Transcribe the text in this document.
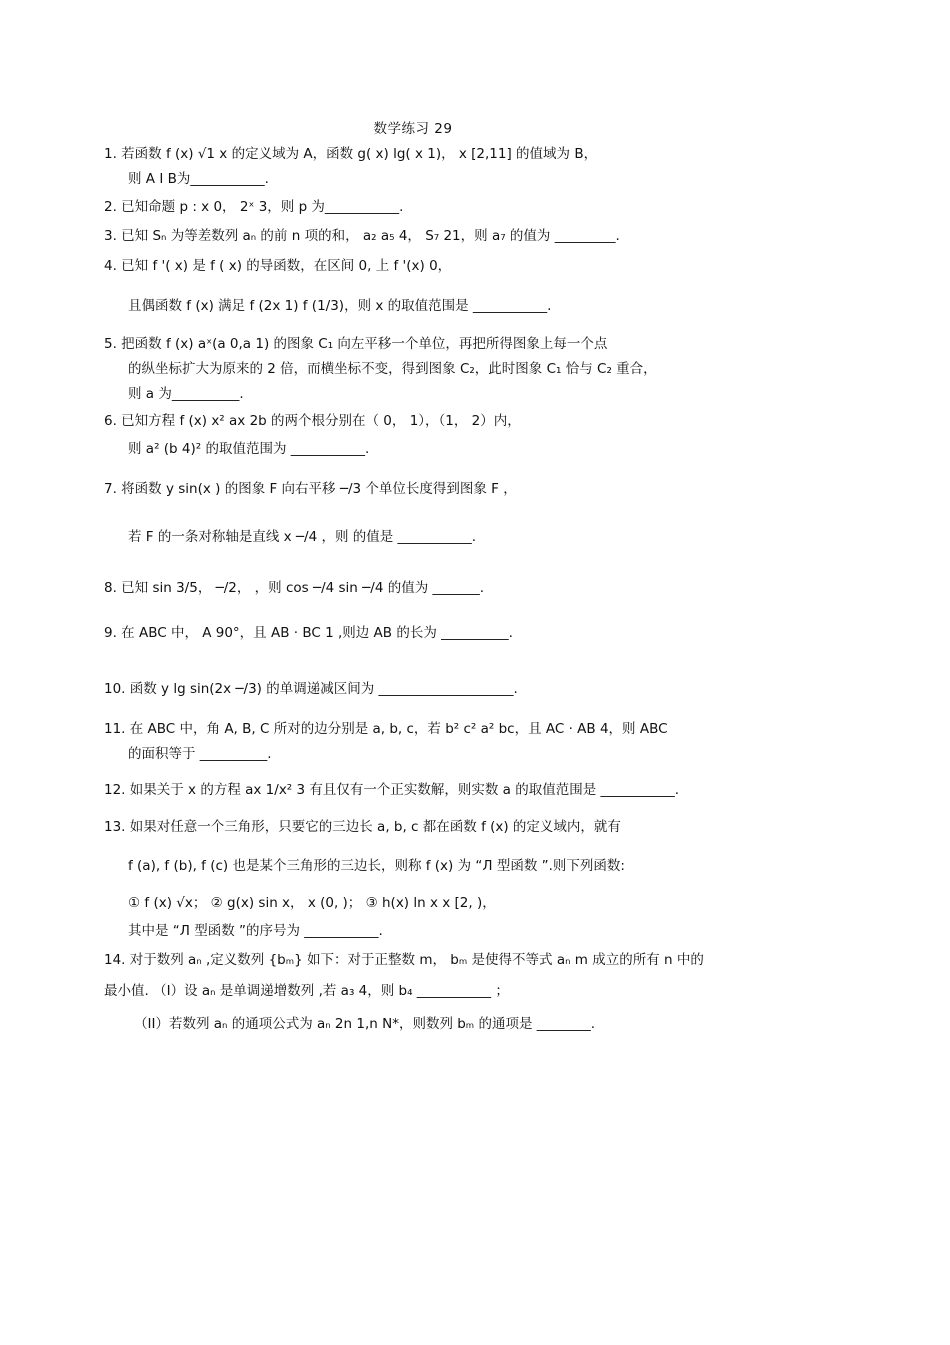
数学练习 29
1. 若函数 f (x) √1 x 的定义域为 A，函数 g( x) lg( x 1)， x [2,11] 的值域为 B，
则 A I B为___________.
2. 已知命题 p : x 0， 2ˣ 3，则 p 为___________.
3. 已知 Sₙ 为等差数列 aₙ 的前 n 项的和， a₂ a₅ 4， S₇ 21，则 a₇ 的值为 _________.
4. 已知 f '( x) 是 f ( x) 的导函数，在区间 0, 上 f '(x) 0，
且偶函数 f (x) 满足 f (2x 1) f (1/3)，则 x 的取值范围是 ___________.
5. 把函数 f (x) aˣ(a 0,a 1) 的图象 C₁ 向左平移一个单位，再把所得图象上每一个点
的纵坐标扩大为原来的 2 倍，而横坐标不变，得到图象 C₂，此时图象 C₁ 恰与 C₂ 重合，
则 a 为__________.
6. 已知方程 f (x) x² ax 2b 的两个根分别在（ 0， 1），（1， 2）内，
则 a² (b 4)² 的取值范围为 ___________.
7. 将函数 y sin(x ) 的图象 F 向右平移 ─/3 个单位长度得到图象 F ，
若 F 的一条对称轴是直线 x ─/4 ，则 的值是 ___________.
8. 已知 sin 3/5， ─/2， ，则 cos ─/4 sin ─/4 的值为 _______.
9. 在 ABC 中， A 90°，且 AB · BC 1 ,则边 AB 的长为 __________.
10. 函数 y lg sin(2x ─/3) 的单调递减区间为 ____________________.
11. 在 ABC 中，角 A, B, C 所对的边分别是 a, b, c，若 b² c² a² bc，且 AC · AB 4，则 ABC
的面积等于 __________.
12. 如果关于 x 的方程 ax 1/x² 3 有且仅有一个正实数解，则实数 a 的取值范围是 ___________.
13. 如果对任意一个三角形，只要它的三边长 a, b, c 都在函数 f (x) 的定义域内，就有
f (a), f (b), f (c) 也是某个三角形的三边长，则称 f (x) 为 “Л 型函数 ”.则下列函数:
① f (x) √x； ② g(x) sin x， x (0, )； ③ h(x) ln x x [2, )，
其中是 “Л 型函数 ”的序号为 ___________.
14. 对于数列 aₙ ,定义数列 {bₘ} 如下：对于正整数 m， bₘ 是使得不等式 aₙ m 成立的所有 n 中的
最小值. （I）设 aₙ 是单调递增数列 ,若 a₃ 4，则 b₄ ___________ ；
（II）若数列 aₙ 的通项公式为 aₙ 2n 1,n N*，则数列 bₘ 的通项是 ________.
